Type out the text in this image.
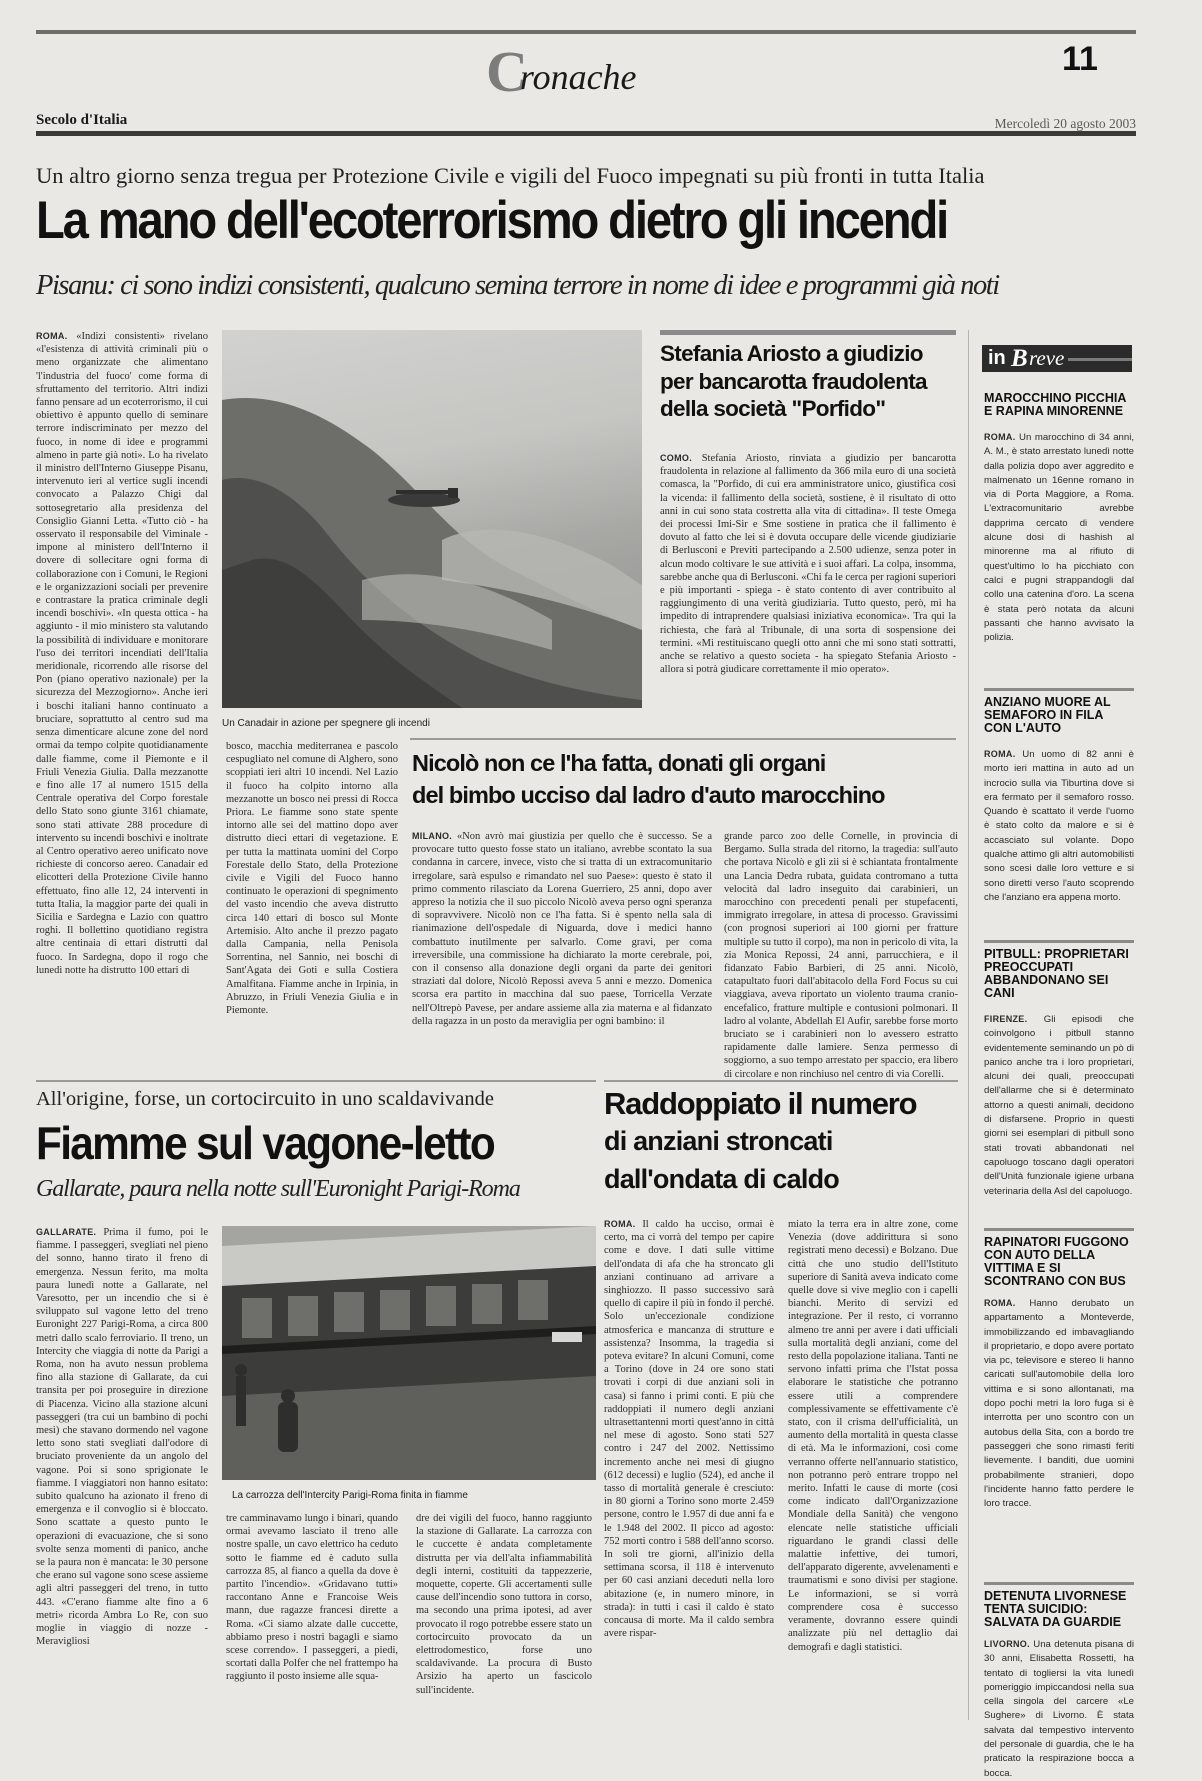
Cronache	11
Secolo d'Italia	Mercoledì 20 agosto 2003
Un altro giorno senza tregua per Protezione Civile e vigili del Fuoco impegnati su più fronti in tutta Italia
La mano dell'ecoterrorismo dietro gli incendi
Pisanu: ci sono indizi consistenti, qualcuno semina terrore in nome di idee e programmi già noti
ROMA. «Indizi consistenti» rivelano «l'esistenza di attività criminali più o meno organizzate che alimentano 'l'industria del fuoco' come forma di sfruttamento del territorio. Altri indizi fanno pensare ad un ecoterrorismo, il cui obiettivo è appunto quello di seminare terrore indiscriminato per mezzo del fuoco, in nome di idee e programmi almeno in parte già noti». Lo ha rivelato il ministro dell'Interno Giuseppe Pisanu, intervenuto ieri al vertice sugli incendi convocato a Palazzo Chigi dal sottosegretario alla presidenza del Consiglio Gianni Letta. «Tutto ciò - ha osservato il responsabile del Viminale - impone al ministero dell'Interno il dovere di sollecitare ogni forma di collaborazione con i Comuni, le Regioni e le organizzazioni sociali per prevenire e contrastare la pratica criminale degli incendi boschivi». «In questa ottica - ha aggiunto - il mio ministero sta valutando la possibilità di individuare e monitorare l'uso dei territori incendiati dell'Italia meridionale, ricorrendo alle risorse del Pon (piano operativo nazionale) per la sicurezza del Mezzogiorno». Anche ieri i boschi italiani hanno continuato a bruciare, soprattutto al centro sud ma senza dimenticare alcune zone del nord ormai da tempo colpite quotidianamente dalle fiamme, come il Piemonte e il Friuli Venezia Giulia. Dalla mezzanotte e fino alle 17 al numero 1515 della Centrale operativa del Corpo forestale dello Stato sono giunte 3161 chiamate, sono stati attivate 288 procedure di intervento su incendi boschivi e inoltrate al Centro operativo aereo unificato nove richieste di concorso aereo. Canadair ed elicotteri della Protezione Civile hanno effettuato, fino alle 12, 24 interventi in tutta Italia, la maggior parte dei quali in Sicilia e Sardegna e Lazio con quattro roghi. Il bollettino quotidiano registra altre centinaia di ettari distrutti dal fuoco. In Sardegna, dopo il rogo che lunedì notte ha distrutto 100 ettari di
Un Canadair in azione per spegnere gli incendi
bosco, macchia mediterranea e pascolo cespugliato nel comune di Alghero, sono scoppiati ieri altri 10 incendi. Nel Lazio il fuoco ha colpito intorno alla mezzanotte un bosco nei pressi di Rocca Priora. Le fiamme sono state spente intorno alle sei del mattino dopo aver distrutto dieci ettari di vegetazione. E per tutta la mattinata uomini del Corpo Forestale dello Stato, della Protezione civile e Vigili del Fuoco hanno continuato le operazioni di spegnimento del vasto incendio che aveva distrutto circa 140 ettari di bosco sul Monte Artemisio. Alto anche il prezzo pagato dalla Campania, nella Penisola Sorrentina, nel Sannio, nei boschi di Sant'Agata dei Goti e sulla Costiera Amalfitana. Fiamme anche in Irpinia, in Abruzzo, in Friuli Venezia Giulia e in Piemonte.
Stefania Ariosto a giudizio per bancarotta fraudolenta della società "Porfido"
COMO. Stefania Ariosto, rinviata a giudizio per bancarotta fraudolenta in relazione al fallimento da 366 mila euro di una società comasca, la "Porfido, di cui era amministratore unico, giustifica così la vicenda: il fallimento della società, sostiene, è il risultato di otto anni in cui sono stata costretta alla vita di cittadina». Il teste Omega dei processi Imi-Sir e Sme sostiene in pratica che il fallimento è dovuto al fatto che lei si è dovuta occupare delle vicende giudiziarie di Berlusconi e Previti partecipando a 2.500 udienze, senza poter in alcun modo coltivare le sue attività e i suoi affari. La colpa, insomma, sarebbe anche qua di Berlusconi. «Chi fa le cerca per ragioni superiori e più importanti - spiega - è stato contento di aver contribuito al raggiungimento di una verità giudiziaria. Tutto questo, però, mi ha impedito di intraprendere qualsiasi iniziativa economica». Tra qui la richiesta, che farà al Tribunale, di una sorta di sospensione dei termini. «Mi restituiscano quegli otto anni che mi sono stati sottratti, anche se relativo a questo societa - ha spiegato Stefania Ariosto - allora si potrà giudicare correttamente il mio operato».
Nicolò non ce l'ha fatta, donati gli organi
del bimbo ucciso dal ladro d'auto marocchino
MILANO. «Non avrò mai giustizia per quello che è successo. Se a provocare tutto questo fosse stato un italiano, avrebbe scontato la sua condanna in carcere, invece, visto che si tratta di un extracomunitario irregolare, sarà espulso e rimandato nel suo Paese»: questo è stato il primo commento rilasciato da Lorena Guerriero, 25 anni, dopo aver appreso la notizia che il suo piccolo Nicolò aveva perso ogni speranza di sopravvivere. Nicolò non ce l'ha fatta. Si è spento nella sala di rianimazione dell'ospedale di Niguarda, dove i medici hanno combattuto inutilmente per salvarlo. Come gravi, per coma irreversibile, una commissione ha dichiarato la morte cerebrale, poi, con il consenso alla donazione degli organi da parte dei genitori straziati dal dolore, Nicolò Repossi aveva 5 anni e mezzo. Domenica scorsa era partito in macchina dal suo paese, Torricella Verzate nell'Oltrepò Pavese, per andare assieme alla zia materna e al fidanzato della ragazza in un posto da meraviglia per ogni bambino: il
grande parco zoo delle Cornelle, in provincia di Bergamo. Sulla strada del ritorno, la tragedia: sull'auto che portava Nicolò e gli zii si è schiantata frontalmente una Lancia Dedra rubata, guidata contromano a tutta velocità dal ladro inseguito dai carabinieri, un marocchino con precedenti penali per stupefacenti, immigrato irregolare, in attesa di processo. Gravissimi (con prognosi superiori ai 100 giorni per fratture multiple su tutto il corpo), ma non in pericolo di vita, la zia Monica Repossi, 24 anni, parrucchiera, e il fidanzato Fabio Barbieri, di 25 anni. Nicolò, catapultato fuori dall'abitacolo della Ford Focus su cui viaggiava, aveva riportato un violento trauma cranio-encefalico, fratture multiple e contusioni polmonari. Il ladro al volante, Abdellah El Aufir, sarebbe forse morto bruciato se i carabinieri non lo avessero estratto rapidamente dalle lamiere. Senza permesso di soggiorno, a suo tempo arrestato per spaccio, era libero di circolare e non rinchiuso nel centro di via Corelli.
All'origine, forse, un cortocircuito in uno scaldavivande
Fiamme sul vagone-letto
Gallarate, paura nella notte sull'Euronight Parigi-Roma
GALLARATE. Prima il fumo, poi le fiamme. I passeggeri, svegliati nel pieno del sonno, hanno tirato il freno di emergenza. Nessun ferito, ma molta paura lunedì notte a Gallarate, nel Varesotto, per un incendio che si è sviluppato sul vagone letto del treno Euronight 227 Parigi-Roma, a circa 800 metri dallo scalo ferroviario. Il treno, un Intercity che viaggia di notte da Parigi a Roma, non ha avuto nessun problema fino alla stazione di Gallarate, da cui transita per poi proseguire in direzione di Piacenza. Vicino alla stazione alcuni passeggeri (tra cui un bambino di pochi mesi) che stavano dormendo nel vagone letto sono stati svegliati dall'odore di bruciato proveniente da un angolo del vagone. Poi si sono sprigionate le fiamme. I viaggiatori non hanno esitato: subito qualcuno ha azionato il freno di emergenza e il convoglio si è bloccato. Sono scattate a questo punto le operazioni di evacuazione, che si sono svolte senza momenti di panico, anche se la paura non è mancata: le 30 persone che erano sul vagone sono scese assieme agli altri passeggeri del treno, in tutto 443. «C'erano fiamme alte fino a 6 metri» ricorda Ambra Lo Re, con suo moglie in viaggio di nozze - Meravigliosi
La carrozza dell'Intercity Parigi-Roma finita in fiamme
tre camminavamo lungo i binari, quando ormai avevamo lasciato il treno alle nostre spalle, un cavo elettrico ha ceduto sotto le fiamme ed è caduto sulla carrozza 85, al fianco a quella da dove è partito l'incendio». «Gridavano tutti» raccontano Anne e Francoise Weis mann, due ragazze francesi dirette a Roma. «Ci siamo alzate dalle cuccette, abbiamo preso i nostri bagagli e siamo scese correndo». I passeggeri, a piedi, scortati dalla Polfer che nel frattempo ha raggiunto il posto insieme alle squa-
dre dei vigili del fuoco, hanno raggiunto la stazione di Gallarate. La carrozza con le cuccette è andata completamente distrutta per via dell'alta infiammabilità degli interni, costituiti da tappezzerie, moquette, coperte. Gli accertamenti sulle cause dell'incendio sono tuttora in corso, ma secondo una prima ipotesi, ad aver provocato il rogo potrebbe essere stato un cortocircuito provocato da un elettrodomestico, forse uno scaldavivande. La procura di Busto Arsizio ha aperto un fascicolo sull'incidente.
Raddoppiato il numero
di anziani stroncati
dall'ondata di caldo
ROMA. Il caldo ha ucciso, ormai è certo, ma ci vorrà del tempo per capire come e dove. I dati sulle vittime dell'ondata di afa che ha stroncato gli anziani continuano ad arrivare a singhiozzo. Il passo successivo sarà quello di capire il più in fondo il perché. Solo un'eccezionale condizione atmosferica e mancanza di strutture e assistenza? Insomma, la tragedia si poteva evitare? In alcuni Comuni, come a Torino (dove in 24 ore sono stati trovati i corpi di due anziani soli in casa) si fanno i primi conti. E più che raddoppiati il numero degli anziani ultrasettantenni morti quest'anno in città nel mese di agosto. Sono stati 527 contro i 247 del 2002. Nettissimo incremento anche nei mesi di giugno (612 decessi) e luglio (524), ed anche il tasso di mortalità generale è cresciuto: in 80 giorni a Torino sono morte 2.459 persone, contro le 1.957 di due anni fa e le 1.948 del 2002. Il picco ad agosto: 752 morti contro i 588 dell'anno scorso. In soli tre giorni, all'inizio della settimana scorsa, il 118 è intervenuto per 60 casi anziani deceduti nella loro abitazione (e, in numero minore, in strada): in tutti i casi il caldo è stato concausa di morte. Ma il caldo sembra avere rispar-
miato la terra era in altre zone, come Venezia (dove addirittura si sono registrati meno decessi) e Bolzano. Due città che uno studio dell'Istituto superiore di Sanità aveva indicato come quelle dove si vive meglio con i capelli bianchi. Merito di servizi ed integrazione. Per il resto, ci vorranno almeno tre anni per avere i dati ufficiali sulla mortalità degli anziani, come del resto della popolazione italiana. Tanti ne servono infatti prima che l'Istat possa elaborare le statistiche che potranno essere utili a comprendere complessivamente se effettivamente c'è stato, con il crisma dell'ufficialità, un aumento della mortalità in questa classe di età. Ma le informazioni, così come verranno offerte nell'annuario statistico, non potranno però entrare troppo nel merito. Infatti le cause di morte (così come indicato dall'Organizzazione Mondiale della Sanità) che vengono elencate nelle statistiche ufficiali riguardano le grandi classi delle malattie infettive, dei tumori, dell'apparato digerente, avvelenamenti e traumatismi e sono divisi per stagione. Le informazioni, se si vorrà comprendere cosa è successo veramente, dovranno essere quindi analizzate più nel dettaglio dai demografi e dagli statistici.
in B reve
MAROCCHINO PICCHIA E RAPINA MINORENNE
ROMA. Un marocchino di 34 anni, A. M., è stato arrestato lunedì notte dalla polizia dopo aver aggredito e malmenato un 16enne romano in via di Porta Maggiore, a Roma. L'extracomunitario avrebbe dapprima cercato di vendere alcune dosi di hashish al minorenne ma al rifiuto di quest'ultimo lo ha picchiato con calci e pugni strappandogli dal collo una catenina d'oro. La scena è stata però notata da alcuni passanti che hanno avvisato la polizia.
ANZIANO MUORE AL SEMAFORO IN FILA CON L'AUTO
ROMA. Un uomo di 82 anni è morto ieri mattina in auto ad un incrocio sulla via Tiburtina dove si era fermato per il semaforo rosso. Quando è scattato il verde l'uomo è stato colto da malore e si è accasciato sul volante. Dopo qualche attimo gli altri automobilisti sono scesi dalle loro vetture e si sono diretti verso l'auto scoprendo che l'anziano era appena morto.
PITBULL: PROPRIETARI PREOCCUPATI ABBANDONANO SEI CANI
FIRENZE. Gli episodi che coinvolgono i pitbull stanno evidentemente seminando un pò di panico anche tra i loro proprietari, alcuni dei quali, preoccupati dell'allarme che si è determinato attorno a questi animali, decidono di disfarsene. Proprio in questi giorni sei esemplari di pitbull sono stati trovati abbandonati nel capoluogo toscano dagli operatori dell'Unità funzionale igiene urbana veterinaria della Asl del capoluogo.
RAPINATORI FUGGONO CON AUTO DELLA VITTIMA E SI SCONTRANO CON BUS
ROMA. Hanno derubato un appartamento a Monteverde, immobilizzando ed imbavagliando il proprietario, e dopo avere portato via pc, televisore e stereo li hanno caricati sull'automobile della loro vittima e si sono allontanati, ma dopo pochi metri la loro fuga si è interrotta per uno scontro con un autobus della Sita, con a bordo tre passeggeri che sono rimasti feriti lievemente. I banditi, due uomini probabilmente stranieri, dopo l'incidente hanno fatto perdere le loro tracce.
DETENUTA LIVORNESE TENTA SUICIDIO: SALVATA DA GUARDIE
LIVORNO. Una detenuta pisana di 30 anni, Elisabetta Rossetti, ha tentato di togliersi la vita lunedì pomeriggio impiccandosi nella sua cella singola del carcere «Le Sughere» di Livorno. È stata salvata dal tempestivo intervento del personale di guardia, che le ha praticato la respirazione bocca a bocca.
